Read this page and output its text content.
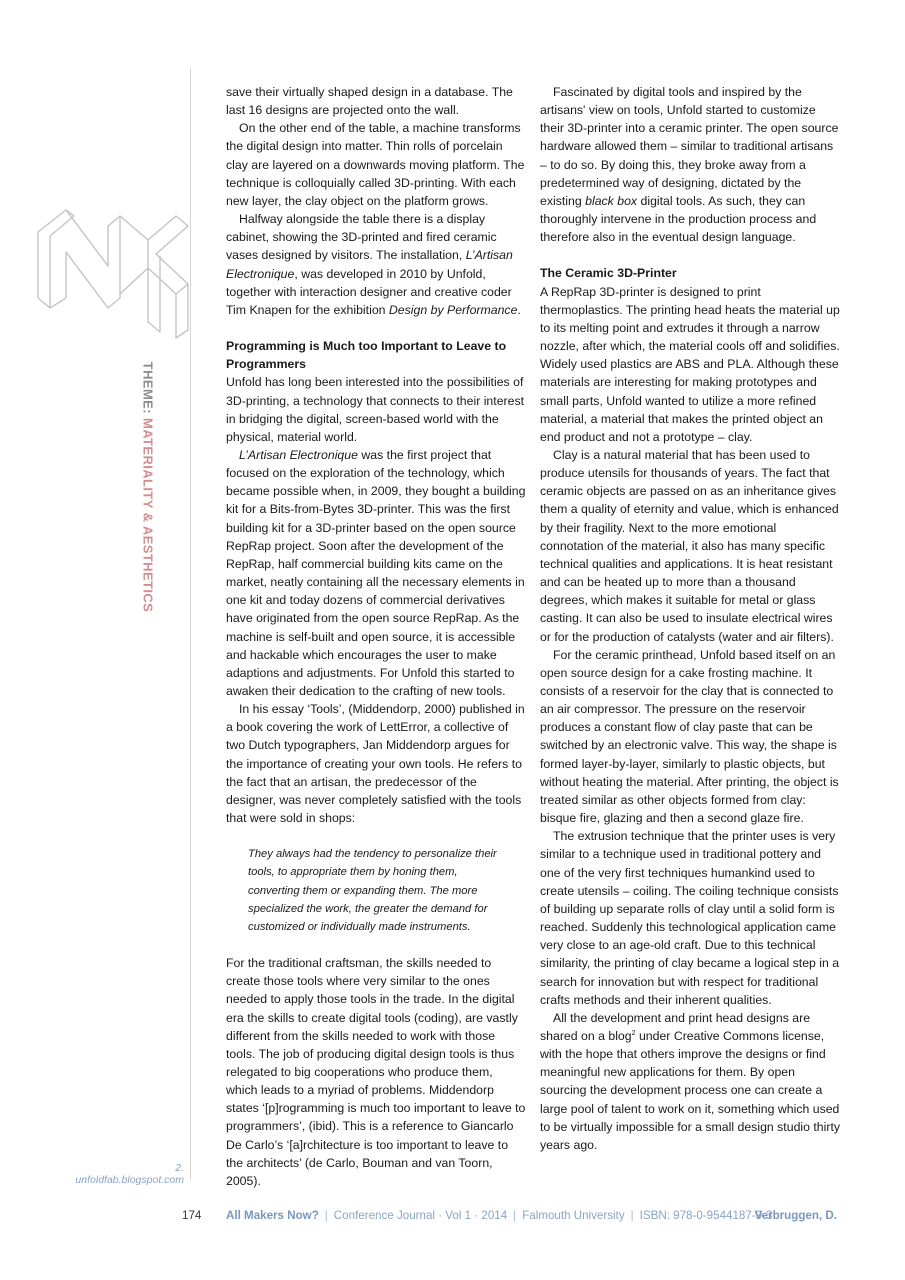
THEME: MATERIALITY & AESTHETICS
2. unfoldfab.blogspot.com

save their virtually shaped design in a database. The last 16 designs are projected onto the wall.

On the other end of the table, a machine transforms the digital design into matter. Thin rolls of porcelain clay are layered on a downwards moving platform. The technique is colloquially called 3D-printing. With each new layer, the clay object on the platform grows.

Halfway alongside the table there is a display cabinet, showing the 3D-printed and fired ceramic vases designed by visitors. The installation, L’Artisan Electronique, was developed in 2010 by Unfold, together with interaction designer and creative coder Tim Knapen for the exhibition Design by Performance.

Programming is Much too Important to Leave to Programmers

Unfold has long been interested into the possibilities of 3D-printing, a technology that connects to their interest in bridging the digital, screen-based world with the physical, material world.

L’Artisan Electronique was the first project that focused on the exploration of the technology, which became possible when, in 2009, they bought a building kit for a Bits-from-Bytes 3D-printer. This was the first building kit for a 3D-printer based on the open source RepRap project. Soon after the development of the RepRap, half commercial building kits came on the market, neatly containing all the necessary elements in one kit and today dozens of commercial derivatives have originated from the open source RepRap. As the machine is self-built and open source, it is accessible and hackable which encourages the user to make adaptions and adjustments. For Unfold this started to awaken their dedication to the crafting of new tools.

In his essay ‘Tools’, (Middendorp, 2000) published in a book covering the work of LettError, a collective of two Dutch typographers, Jan Middendorp argues for the importance of creating your own tools. He refers to the fact that an artisan, the predecessor of the designer, was never completely satisfied with the tools that were sold in shops:

They always had the tendency to personalize their tools, to appropriate them by honing them, converting them or expanding them. The more specialized the work, the greater the demand for customized or individually made instruments.

For the traditional craftsman, the skills needed to create those tools where very similar to the ones needed to apply those tools in the trade. In the digital era the skills to create digital tools (coding), are vastly different from the skills needed to work with those tools. The job of producing digital design tools is thus relegated to big cooperations who produce them, which leads to a myriad of problems. Middendorp states ‘[p]rogramming is much too important to leave to programmers’, (ibid). This is a reference to Giancarlo De Carlo’s ‘[a]rchitecture is too important to leave to the architects’ (de Carlo, Bouman and van Toorn, 2005).

Fascinated by digital tools and inspired by the artisans' view on tools, Unfold started to customize their 3D-printer into a ceramic printer. The open source hardware allowed them – similar to traditional artisans – to do so. By doing this, they broke away from a predetermined way of designing, dictated by the existing black box digital tools. As such, they can thoroughly intervene in the production process and therefore also in the eventual design language.

The Ceramic 3D-Printer

A RepRap 3D-printer is designed to print thermoplastics. The printing head heats the material up to its melting point and extrudes it through a narrow nozzle, after which, the material cools off and solidifies. Widely used plastics are ABS and PLA. Although these materials are interesting for making prototypes and small parts, Unfold wanted to utilize a more refined material, a material that makes the printed object an end product and not a prototype – clay.

Clay is a natural material that has been used to produce utensils for thousands of years. The fact that ceramic objects are passed on as an inheritance gives them a quality of eternity and value, which is enhanced by their fragility. Next to the more emotional connotation of the material, it also has many specific technical qualities and applications. It is heat resistant and can be heated up to more than a thousand degrees, which makes it suitable for metal or glass casting. It can also be used to insulate electrical wires or for the production of catalysts (water and air filters).

For the ceramic printhead, Unfold based itself on an open source design for a cake frosting machine. It consists of a reservoir for the clay that is connected to an air compressor. The pressure on the reservoir produces a constant flow of clay paste that can be switched by an electronic valve. This way, the shape is formed layer-by-layer, similarly to plastic objects, but without heating the material. After printing, the object is treated similar as other objects formed from clay: bisque fire, glazing and then a second glaze fire.

The extrusion technique that the printer uses is very similar to a technique used in traditional pottery and one of the very first techniques humankind used to create utensils – coiling. The coiling technique consists of building up separate rolls of clay until a solid form is reached. Suddenly this technological application came very close to an age-old craft. Due to this technical similarity, the printing of clay became a logical step in a search for innovation but with respect for traditional crafts methods and their inherent qualities.

All the development and print head designs are shared on a blog$^2$ under Creative Commons license, with the hope that others improve the designs or find meaningful new applications for them. By open sourcing the development process one can create a large pool of talent to work on it, something which used to be virtually impossible for a small design studio thirty years ago.

174 All Makers Now? | Conference Journal · Vol 1 · 2014 | Falmouth University | ISBN: 978-0-9544187-9-3
Verbruggen, D.
